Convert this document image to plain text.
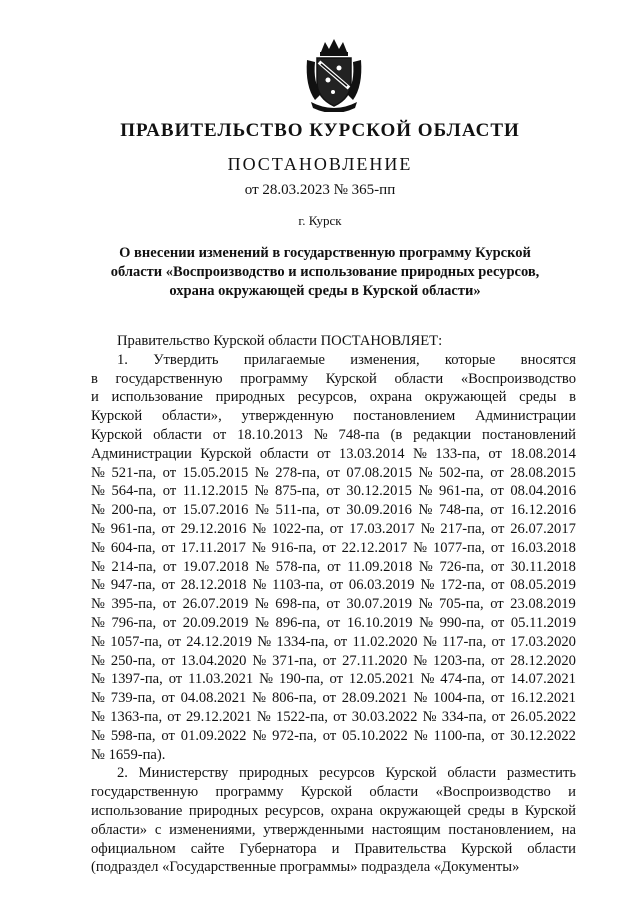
ПРАВИТЕЛЬСТВО КУРСКОЙ ОБЛАСТИ
ПОСТАНОВЛЕНИЕ
от 28.03.2023 № 365-пп
г. Курск
О внесении изменений в государственную программу Курской
области «Воспроизводство и использование природных ресурсов,
охрана окружающей среды в Курской области»

Правительство Курской области ПОСТАНОВЛЯЕТ:

1. Утвердить прилагаемые изменения, которые вносятся
в государственную программу Курской области «Воспроизводство
и использование природных ресурсов, охрана окружающей среды в
Курской области», утвержденную постановлением Администрации
Курской области от 18.10.2013 № 748-па (в редакции постановлений
Администрации Курской области от 13.03.2014 № 133-па, от 18.08.2014
№ 521-па, от 15.05.2015 № 278-па, от 07.08.2015 № 502-па, от 28.08.2015
№ 564-па, от 11.12.2015 № 875-па, от 30.12.2015 № 961-па, от 08.04.2016
№ 200-па, от 15.07.2016 № 511-па, от 30.09.2016 № 748-па, от 16.12.2016
№ 961-па, от 29.12.2016 № 1022-па, от 17.03.2017 № 217-па, от 26.07.2017
№ 604-па, от 17.11.2017 № 916-па, от 22.12.2017 № 1077-па, от 16.03.2018
№ 214-па, от 19.07.2018 № 578-па, от 11.09.2018 № 726-па, от 30.11.2018
№ 947-па, от 28.12.2018 № 1103-па, от 06.03.2019 № 172-па, от 08.05.2019
№ 395-па, от 26.07.2019 № 698-па, от 30.07.2019 № 705-па, от 23.08.2019
№ 796-па, от 20.09.2019 № 896-па, от 16.10.2019 № 990-па, от 05.11.2019
№ 1057-па, от 24.12.2019 № 1334-па, от 11.02.2020 № 117-па, от 17.03.2020
№ 250-па, от 13.04.2020 № 371-па, от 27.11.2020 № 1203-па, от 28.12.2020
№ 1397-па, от 11.03.2021 № 190-па, от 12.05.2021 № 474-па, от 14.07.2021
№ 739-па, от 04.08.2021 № 806-па, от 28.09.2021 № 1004-па, от 16.12.2021
№ 1363-па, от 29.12.2021 № 1522-па, от 30.03.2022 № 334-па, от 26.05.2022
№ 598-па, от 01.09.2022 № 972-па, от 05.10.2022 № 1100-па, от 30.12.2022
№ 1659-па).

2. Министерству природных ресурсов Курской области разместить государственную программу Курской области «Воспроизводство и использование природных ресурсов, охрана окружающей среды в Курской области» с изменениями, утвержденными настоящим постановлением, на официальном сайте Губернатора и Правительства Курской области (подраздел «Государственные программы» подраздела «Документы»
